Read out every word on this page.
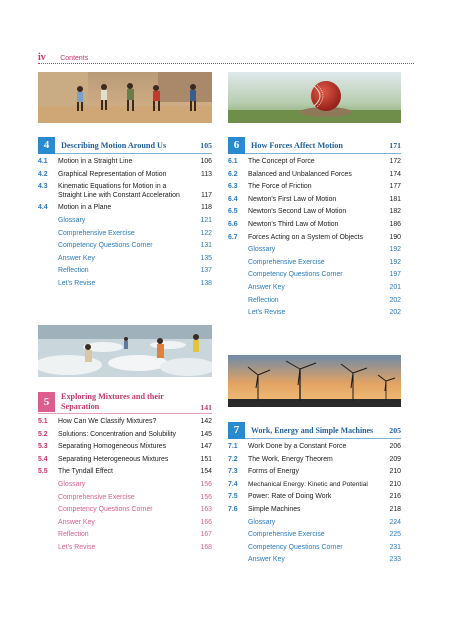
iv Contents
4	Describing Motion Around Us	105
4.1	Motion in a Straight Line	106
4.2	Graphical Representation of Motion	113
4.3	Kinematic Equations for Motion in a Straight Line with Constant Acceleration	117
4.4	Motion in a Plane	118
Glossary	121
Comprehensive Exercise	122
Competency Questions Corner	131
Answer Key	135
Reflection	137
Let's Revise	138
6	How Forces Affect Motion	171
6.1	The Concept of Force	172
6.2	Balanced and Unbalanced Forces	174
6.3	The Force of Friction	177
6.4	Newton's First Law of Motion	181
6.5	Newton's Second Law of Motion	182
6.6	Newton's Third Law of Motion	186
6.7	Forces Acting on a System of Objects	190
Glossary	192
Comprehensive Exercise	192
Competency Questions Corner	197
Answer Key	201
Reflection	202
Let's Revise	202
5	Exploring Mixtures and their Separation	141
5.1	How Can We Classify Mixtures?	142
5.2	Solutions: Concentration and Solubility	145
5.3	Separating Homogeneous Mixtures	147
5.4	Separating Heterogeneous Mixtures	151
5.5	The Tyndall Effect	154
Glossary	156
Comprehensive Exercise	156
Competency Questions Corner	163
Answer Key	166
Reflection	167
Let's Revise	168
7	Work, Energy and Simple Machines	205
7.1	Work Done by a Constant Force	206
7.2	The Work, Energy Theorem	209
7.3	Forms of Energy	210
7.4	Mechanical Energy: Kinetic and Potential	210
7.5	Power: Rate of Doing Work	216
7.6	Simple Machines	218
Glossary	224
Comprehensive Exercise	225
Competency Questions Corner	231
Answer Key	233
